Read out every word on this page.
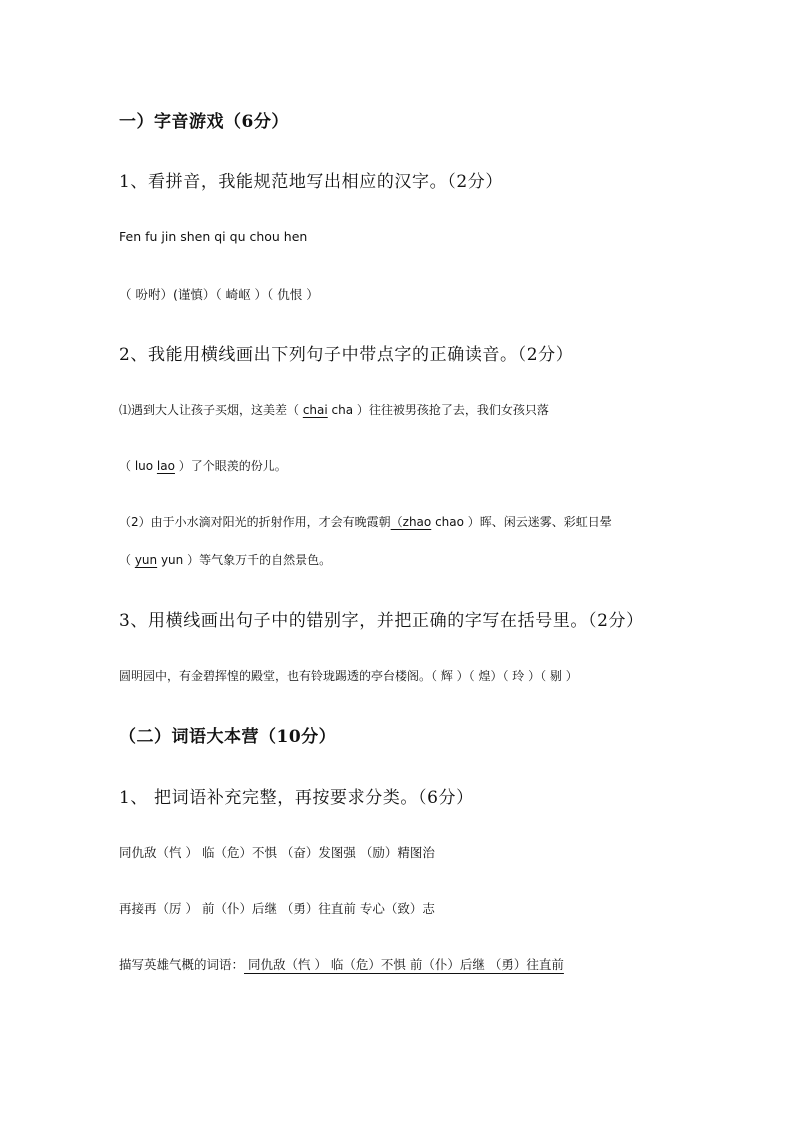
一）字音游戏（6分）
1、看拼音，我能规范地写出相应的汉字。（2分）
Fen fu jin shen qi qu chou hen
（ 吩咐）(谨慎）（ 崎岖 ）（ 仇恨 ）
2、我能用横线画出下列句子中带点字的正确读音。（2分）
⑴遇到大人让孩子买烟，这美差（ chai cha ）往往被男孩抢了去，我们女孩只落
（ luo lao ）了个眼羡的份儿。
（2）由于小水滴对阳光的折射作用，才会有晚霞朝（zhao chao ）晖、闲云迷雾、彩虹日晕
（ yun yun ）等气象万千的自然景色。
3、用横线画出句子中的错别字，并把正确的字写在括号里。（2分）
圆明园中，有金碧挥惶的殿堂，也有铃珑踢透的亭台楼阁。（ 辉 ）（ 煌）（ 玲 ）（ 剔 ）
（二）词语大本营（10分）
1、 把词语补充完整，再按要求分类。（6分）
同仇敌（忾 ） 临（危）不惧 （奋）发图强 （励）精图治
再接再（厉 ） 前（仆）后继 （勇）往直前 专心（致）志
描写英雄气概的词语： 同仇敌（忾 ） 临（危）不惧 前（仆）后继 （勇）往直前
